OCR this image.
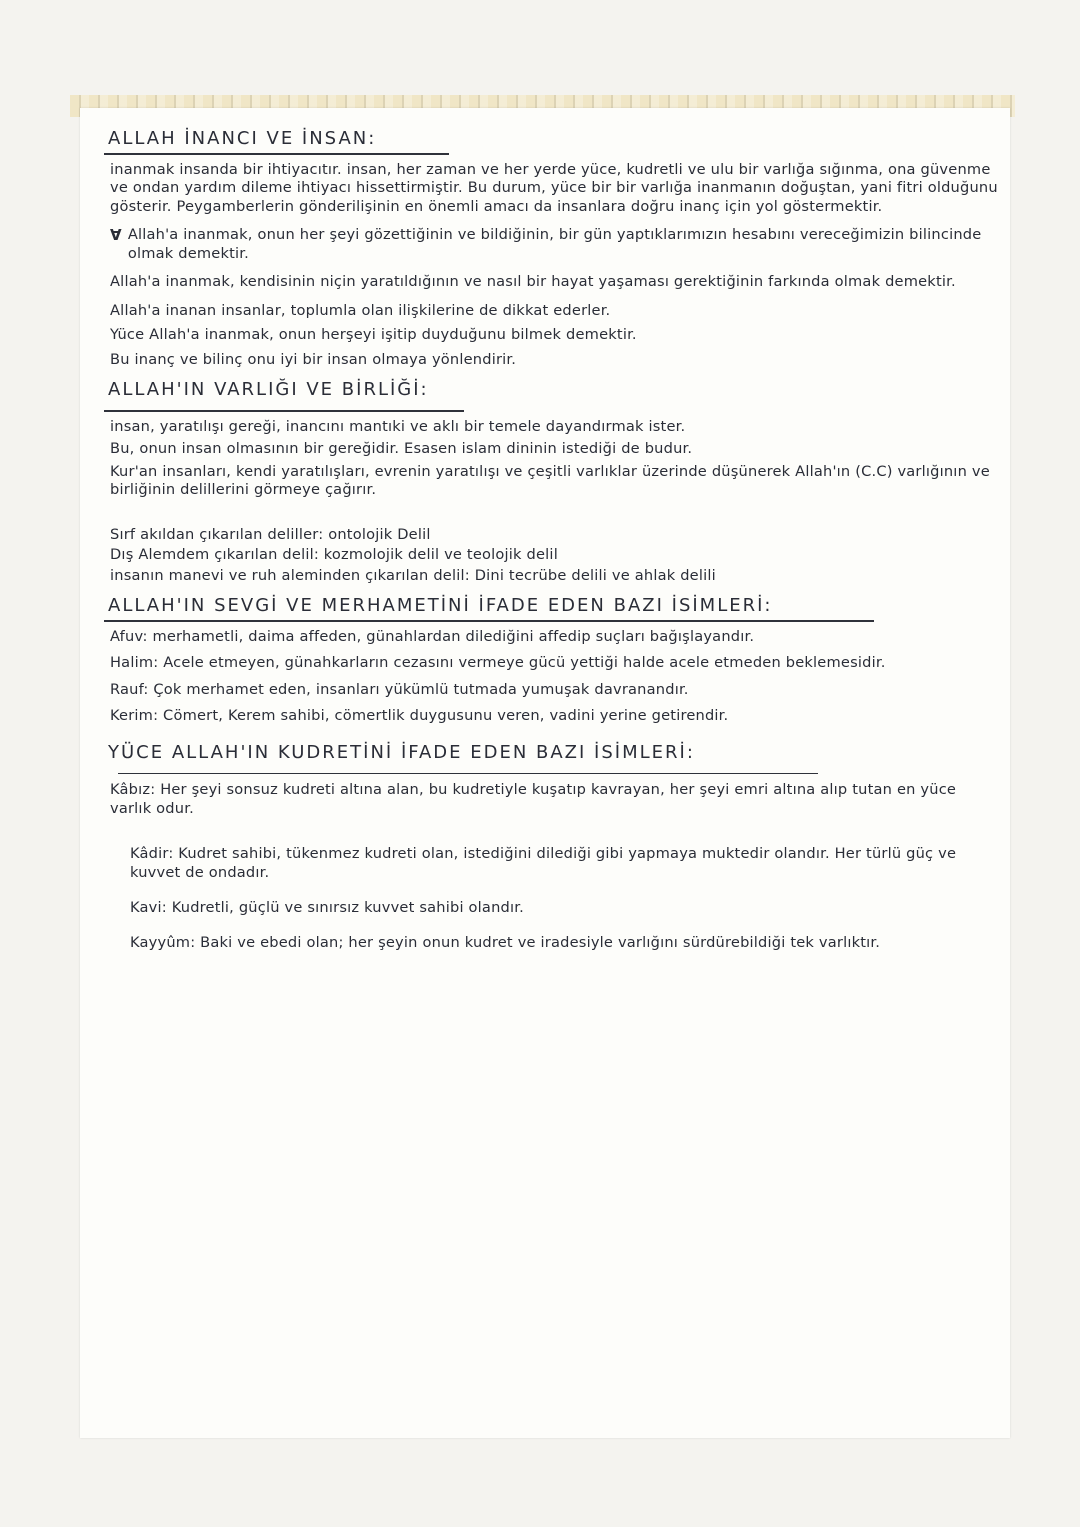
ALLAH İNANCI VE İNSAN:

inanmak insanda bir ihtiyacıtır. insan, her zaman ve her yerde yüce, kudretli ve ulu bir varlığa sığınma, ona güvenme ve ondan yardım dileme ihtiyacı hissettirmiştir. Bu durum, yüce bir bir varlığa inanmanın doğuştan, yani fitri olduğunu gösterir. Peygamberlerin gönderilişinin en önemli amacı da insanlara doğru inanç için yol göstermektir.

∀ Allah'a inanmak, onun her şeyi gözettiğinin ve bildiğinin, bir gün yaptıklarımızın hesabını vereceğimizin bilincinde olmak demektir.

Allah'a inanmak, kendisinin niçin yaratıldığının ve nasıl bir hayat yaşaması gerektiğinin farkında olmak demektir.

Allah'a inanan insanlar, toplumla olan ilişkilerine de dikkat ederler.

Yüce Allah'a inanmak, onun herşeyi işitip duyduğunu bilmek demektir.

Bu inanç ve bilinç onu iyi bir insan olmaya yönlendirir.

ALLAH'IN VARLIĞI VE BİRLİĞİ:

insan, yaratılışı gereği, inancını mantıki ve aklı bir temele dayandırmak ister.

Bu, onun insan olmasının bir gereğidir. Esasen islam dininin istediği de budur.

Kur'an insanları, kendi yaratılışları, evrenin yaratılışı ve çeşitli varlıklar üzerinde düşünerek Allah'ın (C.C) varlığının ve birliğinin delillerini görmeye çağırır.

Sırf akıldan çıkarılan deliller: ontolojik Delil

Dış Alemdem çıkarılan delil: kozmolojik delil ve teolojik delil

insanın manevi ve ruh aleminden çıkarılan delil: Dini tecrübe delili ve ahlak delili

ALLAH'IN SEVGİ VE MERHAMETİNİ İFADE EDEN BAZI İSİMLERİ:

Afuv: merhametli, daima affeden, günahlardan dilediğini affedip suçları bağışlayandır.

Halim: Acele etmeyen, günahkarların cezasını vermeye gücü yettiği halde acele etmeden beklemesidir.

Rauf: Çok merhamet eden, insanları yükümlü tutmada yumuşak davranandır.

Kerim: Cömert, Kerem sahibi, cömertlik duygusunu veren, vadini yerine getirendir.

YÜCE ALLAH'IN KUDRETİNİ İFADE EDEN BAZI İSİMLERİ:

Kâbız: Her şeyi sonsuz kudreti altına alan, bu kudretiyle kuşatıp kavrayan, her şeyi emri altına alıp tutan en yüce varlık odur.

Kâdir: Kudret sahibi, tükenmez kudreti olan, istediğini dilediği gibi yapmaya muktedir olandır. Her türlü güç ve kuvvet de ondadır.

Kavi: Kudretli, güçlü ve sınırsız kuvvet sahibi olandır.

Kayyûm: Baki ve ebedi olan; her şeyin onun kudret ve iradesiyle varlığını sürdürebildiği tek varlıktır.
